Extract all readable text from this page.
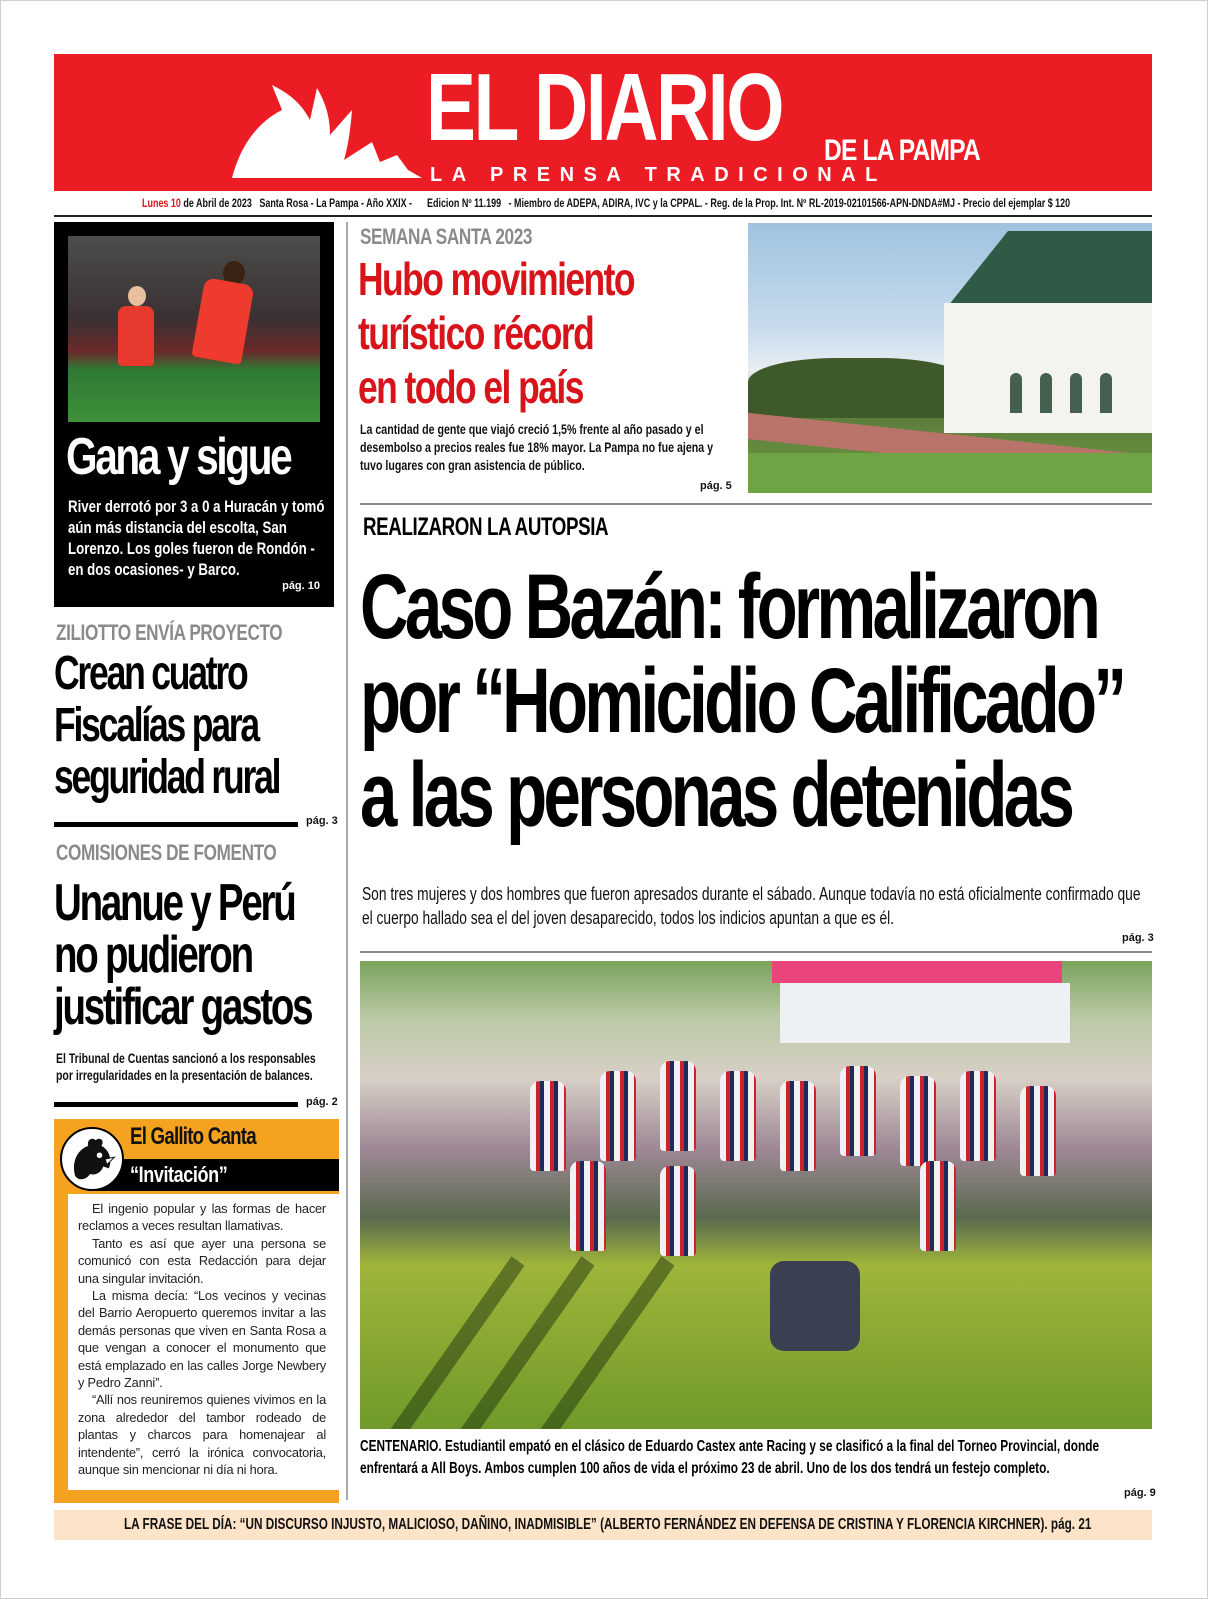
EL DIARIO DE LA PAMPA
LA PRENSA TRADICIONAL
Lunes 10 de Abril de 2023 Santa Rosa - La Pampa - Año XXIX - Edicion Nº 11.199 - Miembro de ADEPA, ADIRA, IVC y la CPPAL. - Reg. de la Prop. Int. Nº RL-2019-02101566-APN-DNDA#MJ - Precio del ejemplar $ 120
Gana y sigue
River derrotó por 3 a 0 a Huracán y tomó aún más distancia del escolta, San Lorenzo. Los goles fueron de Rondón -en dos ocasiones- y Barco.
pág. 10
ZILIOTTO ENVÍA PROYECTO
Crean cuatro
Fiscalías para
seguridad rural
pág. 3
COMISIONES DE FOMENTO
Unanue y Perú
no pudieron
justificar gastos
El Tribunal de Cuentas sancionó a los responsables por irregularidades en la presentación de balances.
pág. 2
El Gallito Canta
“Invitación”

El ingenio popular y las formas de hacer reclamos a veces resultan llamativas.

Tanto es así que ayer una persona se comunicó con esta Redacción para dejar una singular invitación.

La misma decía: “Los vecinos y vecinas del Barrio Aeropuerto queremos invitar a las demás personas que viven en Santa Rosa a que vengan a conocer el monumento que está emplazado en las calles Jorge Newbery y Pedro Zanni”.

“Allí nos reuniremos quienes vivimos en la zona alrededor del tambor rodeado de plantas y charcos para homenajear al intendente”, cerró la irónica convocatoria, aunque sin mencionar ni día ni hora.

SEMANA SANTA 2023
Hubo movimiento
turístico récord
en todo el país
La cantidad de gente que viajó creció 1,5% frente al año pasado y el desembolso a precios reales fue 18% mayor. La Pampa no fue ajena y tuvo lugares con gran asistencia de público.
pág. 5
REALIZARON LA AUTOPSIA
Caso Bazán: formalizaron
por “Homicidio Calificado”
a las personas detenidas
Son tres mujeres y dos hombres que fueron apresados durante el sábado. Aunque todavía no está oficialmente confirmado que el cuerpo hallado sea el del joven desaparecido, todos los indicios apuntan a que es él.
pág. 3
CENTENARIO. Estudiantil empató en el clásico de Eduardo Castex ante Racing y se clasificó a la final del Torneo Provincial, donde enfrentará a All Boys. Ambos cumplen 100 años de vida el próximo 23 de abril. Uno de los dos tendrá un festejo completo.
pág. 9
LA FRASE DEL DÍA: “UN DISCURSO INJUSTO, MALICIOSO, DAÑINO, INADMISIBLE” (ALBERTO FERNÁNDEZ EN DEFENSA DE CRISTINA Y FLORENCIA KIRCHNER). pág. 21
